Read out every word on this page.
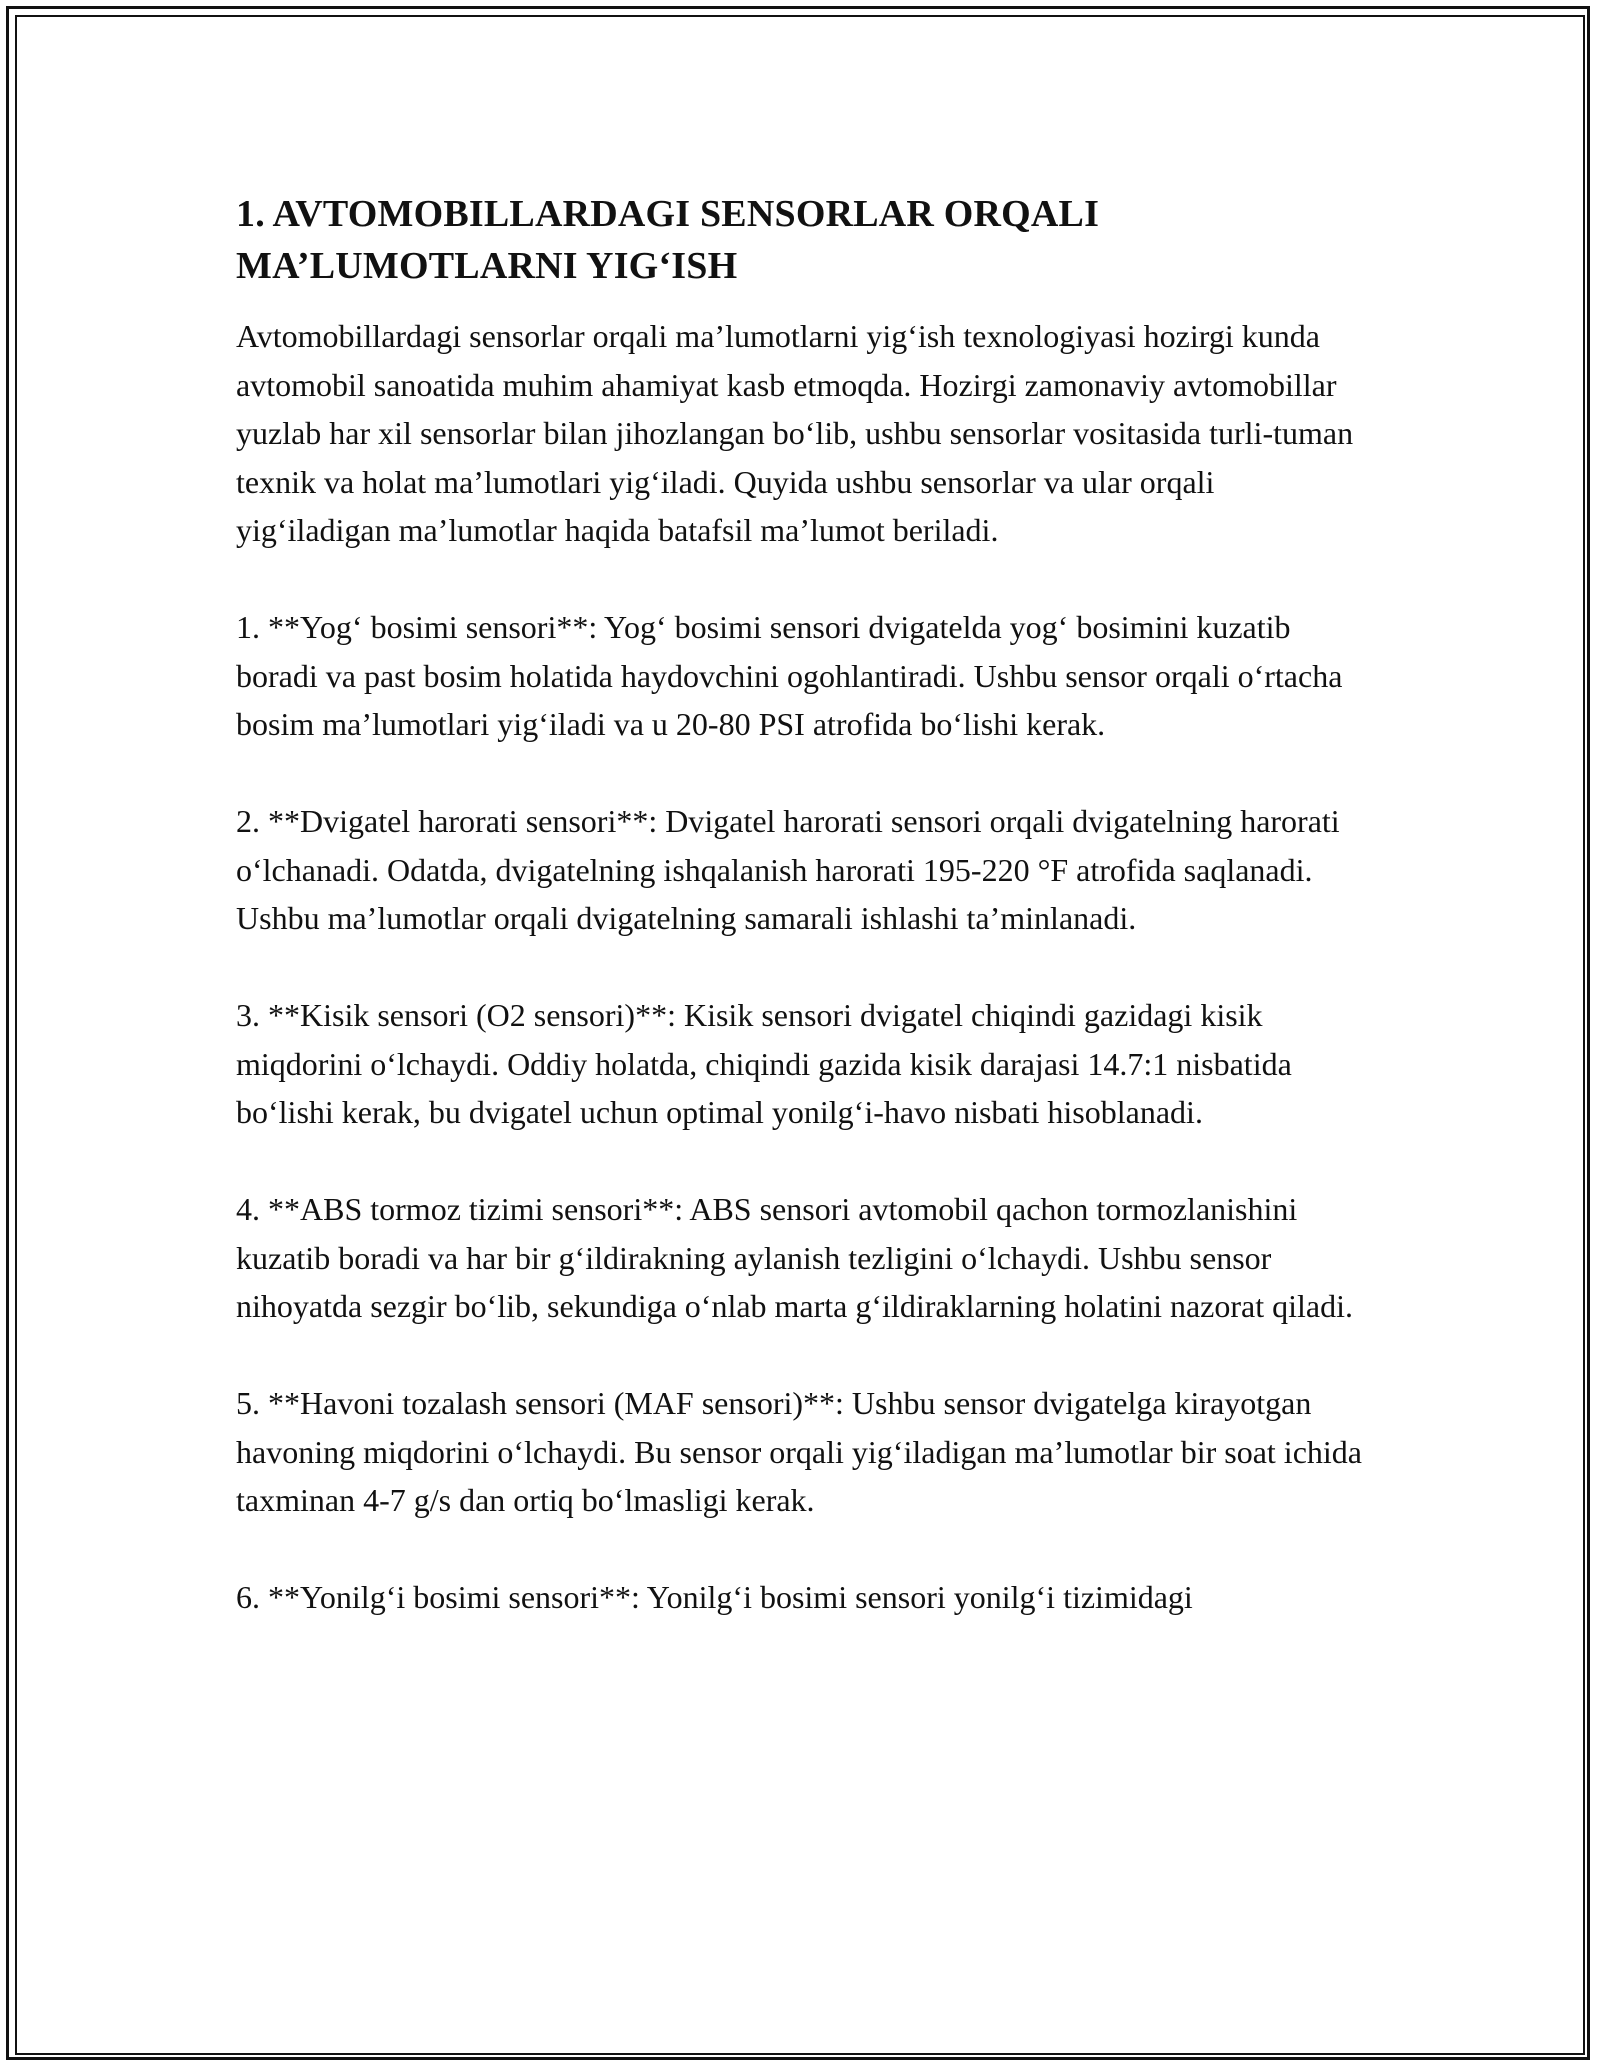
1. AVTOMOBILLARDAGI SENSORLAR ORQALI
MA’LUMOTLARNI YIG‘ISH

Avtomobillardagi sensorlar orqali ma’lumotlarni yig‘ish texnologiyasi hozirgi kunda avtomobil sanoatida muhim ahamiyat kasb etmoqda. Hozirgi zamonaviy avtomobillar yuzlab har xil sensorlar bilan jihozlangan bo‘lib, ushbu sensorlar vositasida turli-tuman texnik va holat ma’lumotlari yig‘iladi. Quyida ushbu sensorlar va ular orqali yig‘iladigan ma’lumotlar haqida batafsil ma’lumot beriladi.

1. **Yog‘ bosimi sensori**: Yog‘ bosimi sensori dvigatelda yog‘ bosimini kuzatib boradi va past bosim holatida haydovchini ogohlantiradi. Ushbu sensor orqali o‘rtacha bosim ma’lumotlari yig‘iladi va u 20-80 PSI atrofida bo‘lishi kerak.

2. **Dvigatel harorati sensori**: Dvigatel harorati sensori orqali dvigatelning harorati o‘lchanadi. Odatda, dvigatelning ishqalanish harorati 195-220 °F atrofida saqlanadi. Ushbu ma’lumotlar orqali dvigatelning samarali ishlashi ta’minlanadi.

3. **Kisik sensori (O2 sensori)**: Kisik sensori dvigatel chiqindi gazidagi kisik miqdorini o‘lchaydi. Oddiy holatda, chiqindi gazida kisik darajasi 14.7:1 nisbatida bo‘lishi kerak, bu dvigatel uchun optimal yonilg‘i-havo nisbati hisoblanadi.

4. **ABS tormoz tizimi sensori**: ABS sensori avtomobil qachon tormozlanishini kuzatib boradi va har bir g‘ildirakning aylanish tezligini o‘lchaydi. Ushbu sensor nihoyatda sezgir bo‘lib, sekundiga o‘nlab marta g‘ildiraklarning holatini nazorat qiladi.

5. **Havoni tozalash sensori (MAF sensori)**: Ushbu sensor dvigatelga kirayotgan havoning miqdorini o‘lchaydi. Bu sensor orqali yig‘iladigan ma’lumotlar bir soat ichida taxminan 4-7 g/s dan ortiq bo‘lmasligi kerak.

6. **Yonilg‘i bosimi sensori**: Yonilg‘i bosimi sensori yonilg‘i tizimidagi
